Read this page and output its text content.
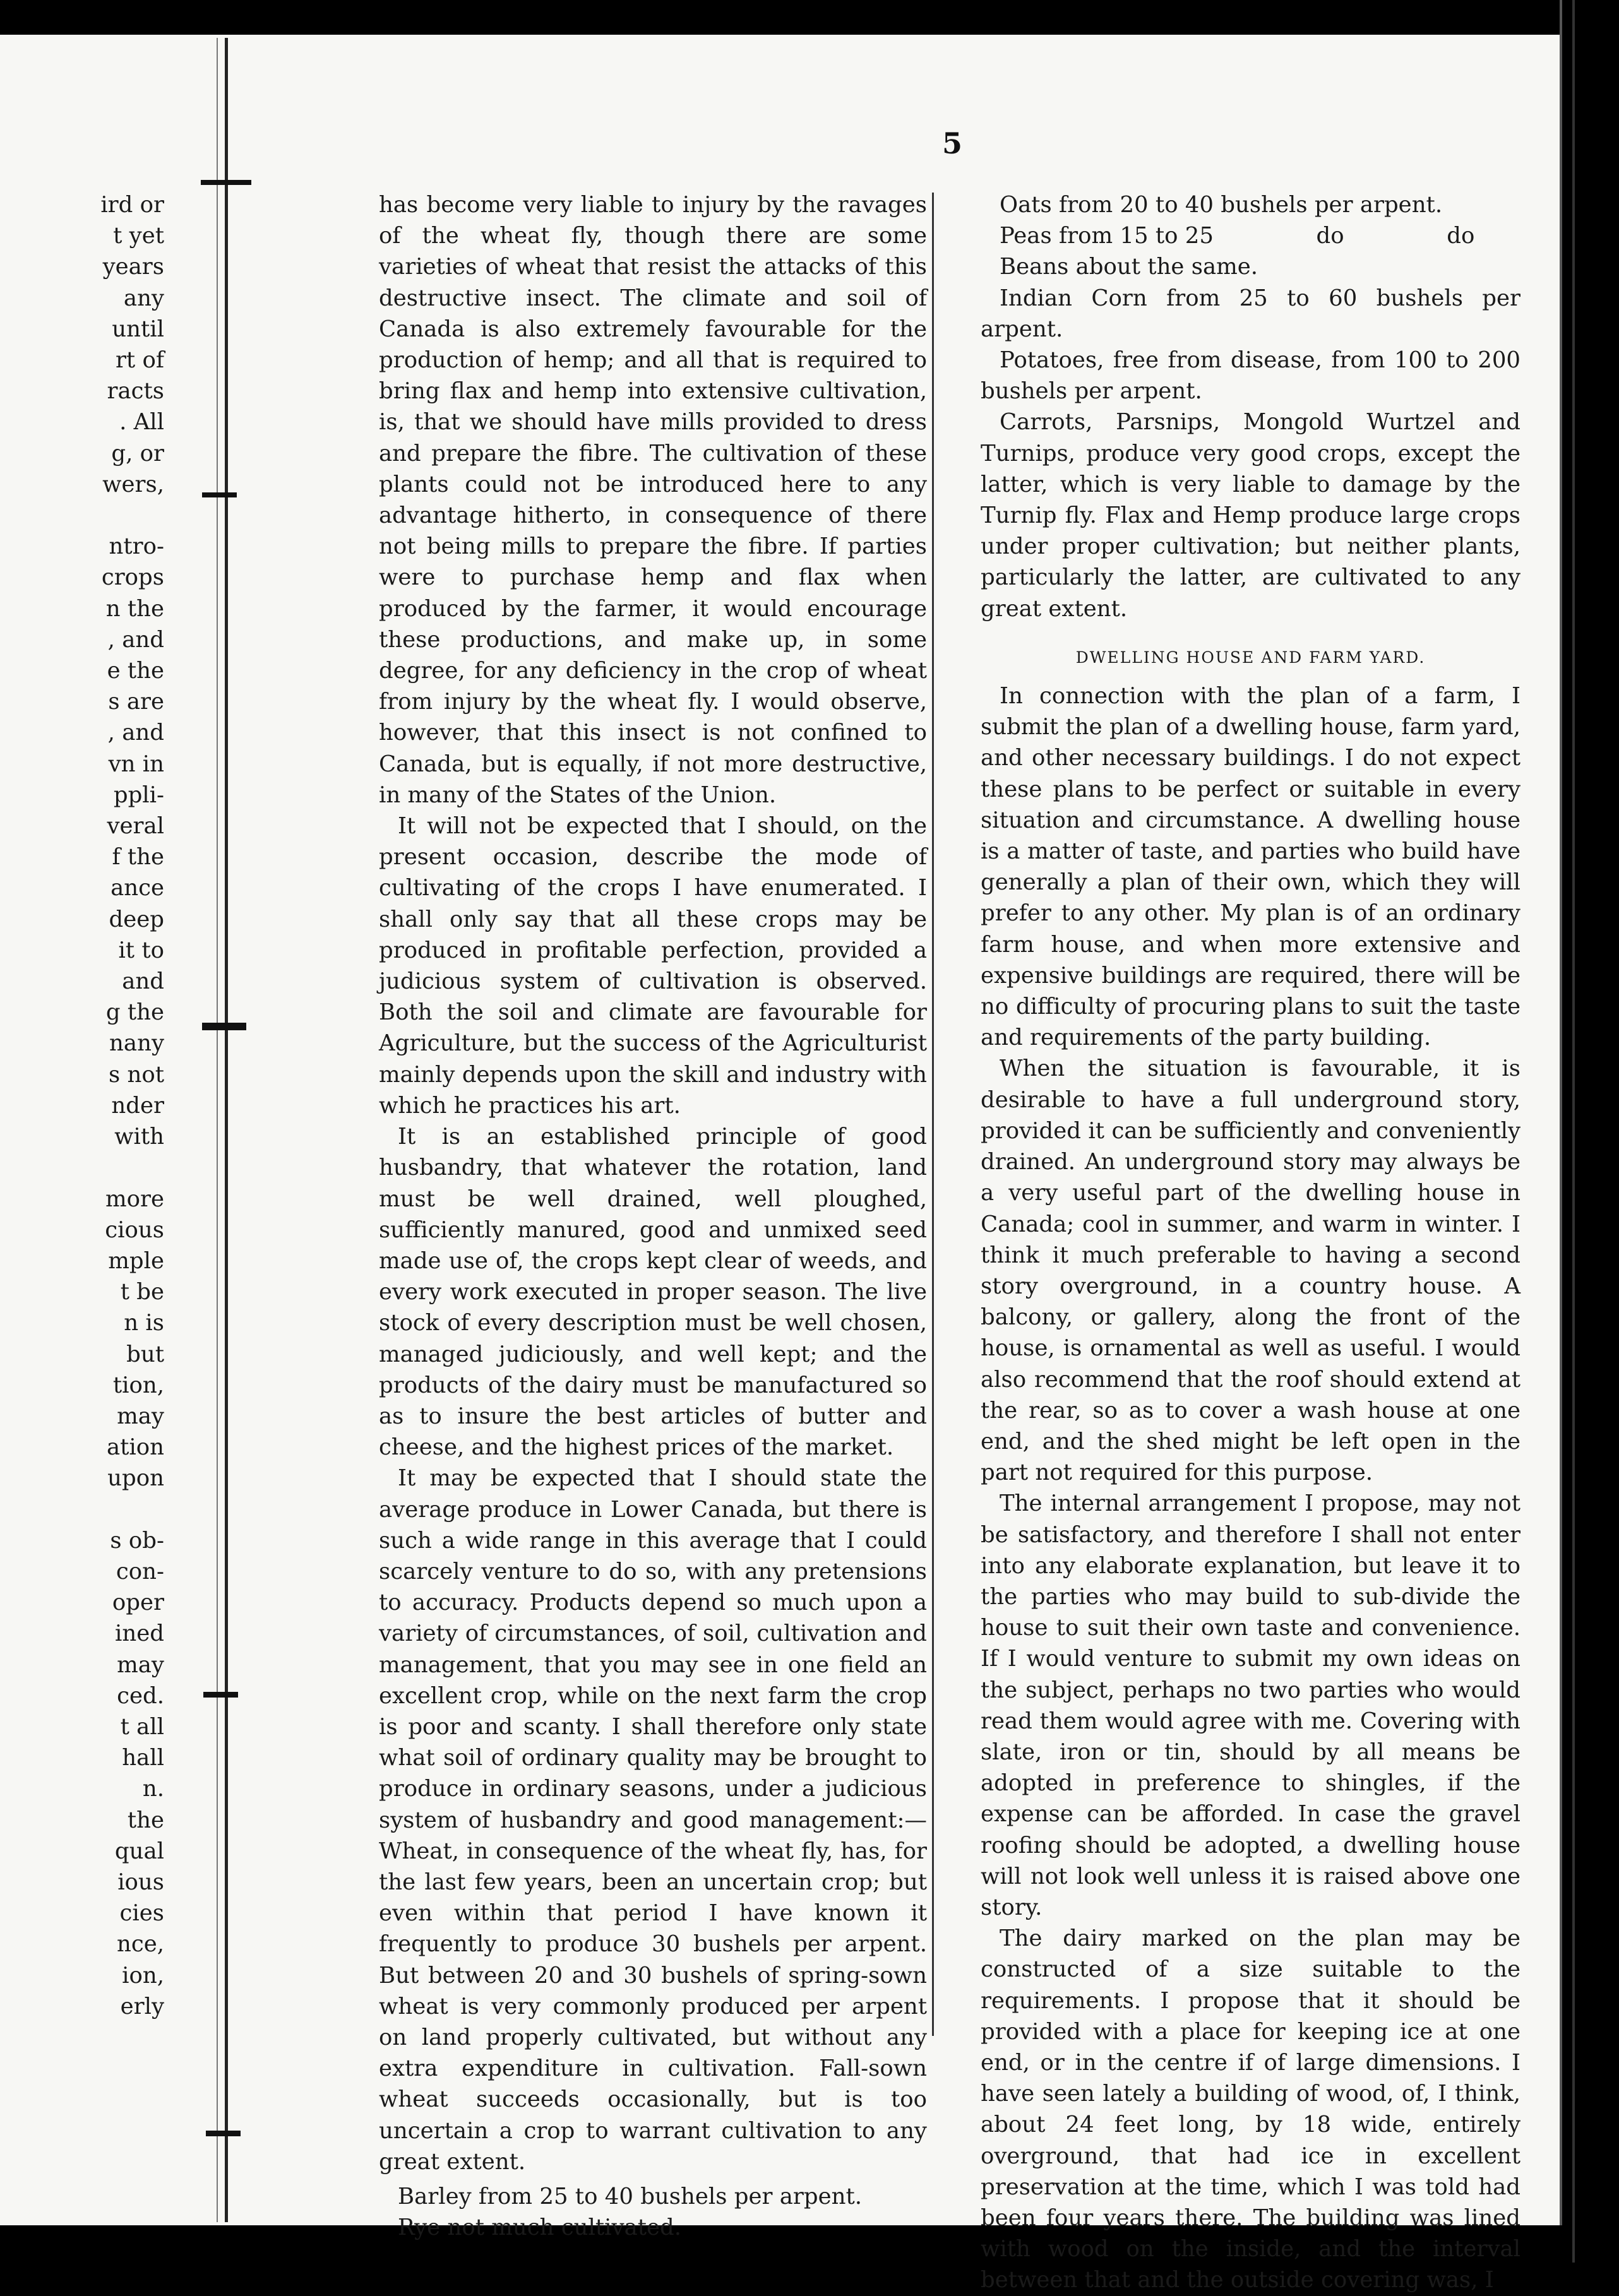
ird or
t yet
years
any
until
rt of
racts
. All
g, or
wers,

ntro-
crops
n the
, and
e the
s are
, and
vn in
ppli-
veral
f the
ance
deep
it to
and
g the
nany
s not
nder
with

more
cious
mple
t be
n is
but
tion,
may
ation
upon

s ob-
con-
oper
ined
may
ced.
t all
hall
n.
the
qual
ious
cies
nce,
ion,
erly
5

has become very liable to injury by the ravages of the wheat fly, though there are some varieties of wheat that resist the attacks of this destructive insect. The climate and soil of Canada is also extremely favourable for the production of hemp; and all that is required to bring flax and hemp into extensive cultivation, is, that we should have mills provided to dress and prepare the fibre. The cultivation of these plants could not be introduced here to any advantage hitherto, in consequence of there not being mills to prepare the fibre. If parties were to purchase hemp and flax when produced by the farmer, it would encourage these productions, and make up, in some degree, for any deficiency in the crop of wheat from injury by the wheat fly. I would observe, however, that this insect is not confined to Canada, but is equally, if not more destructive, in many of the States of the Union.

It will not be expected that I should, on the present occasion, describe the mode of cultivating of the crops I have enumerated. I shall only say that all these crops may be produced in profitable perfection, provided a judicious system of cultivation is observed. Both the soil and climate are favourable for Agriculture, but the success of the Agriculturist mainly depends upon the skill and industry with which he practices his art.

It is an established principle of good husbandry, that whatever the rotation, land must be well drained, well ploughed, sufficiently manured, good and unmixed seed made use of, the crops kept clear of weeds, and every work executed in proper season. The live stock of every description must be well chosen, managed judiciously, and well kept; and the products of the dairy must be manufactured so as to insure the best articles of butter and cheese, and the highest prices of the market.

It may be expected that I should state the average produce in Lower Canada, but there is such a wide range in this average that I could scarcely venture to do so, with any pretensions to accuracy. Products depend so much upon a variety of circumstances, of soil, cultivation and management, that you may see in one field an excellent crop, while on the next farm the crop is poor and scanty. I shall therefore only state what soil of ordinary quality may be brought to produce in ordinary seasons, under a judicious system of husbandry and good management:—Wheat, in consequence of the wheat fly, has, for the last few years, been an uncertain crop; but even within that period I have known it frequently to produce 30 bushels per arpent. But between 20 and 30 bushels of spring-sown wheat is very commonly produced per arpent on land properly cultivated, but without any extra expenditure in cultivation. Fall-sown wheat succeeds occasionally, but is too uncertain a crop to warrant cultivation to any great extent.

Barley from 25 to 40 bushels per arpent.

Rye not much cultivated.

Oats from 20 to 40 bushels per arpent.

Peas from 15 to 25	do	do

Beans about the same.

Indian Corn from 25 to 60 bushels per arpent.

Potatoes, free from disease, from 100 to 200 bushels per arpent.

Carrots, Parsnips, Mongold Wurtzel and Turnips, produce very good crops, except the latter, which is very liable to damage by the Turnip fly. Flax and Hemp produce large crops under proper cultivation; but neither plants, particularly the latter, are cultivated to any great extent.

DWELLING HOUSE AND FARM YARD.

In connection with the plan of a farm, I submit the plan of a dwelling house, farm yard, and other necessary buildings. I do not expect these plans to be perfect or suitable in every situation and circumstance. A dwelling house is a matter of taste, and parties who build have generally a plan of their own, which they will prefer to any other. My plan is of an ordinary farm house, and when more extensive and expensive buildings are required, there will be no difficulty of procuring plans to suit the taste and requirements of the party building.

When the situation is favourable, it is desirable to have a full underground story, provided it can be sufficiently and conveniently drained. An underground story may always be a very useful part of the dwelling house in Canada; cool in summer, and warm in winter. I think it much preferable to having a second story overground, in a country house. A balcony, or gallery, along the front of the house, is ornamental as well as useful. I would also recommend that the roof should extend at the rear, so as to cover a wash house at one end, and the shed might be left open in the part not required for this purpose.

The internal arrangement I propose, may not be satisfactory, and therefore I shall not enter into any elaborate explanation, but leave it to the parties who may build to sub-divide the house to suit their own taste and convenience. If I would venture to submit my own ideas on the subject, perhaps no two parties who would read them would agree with me. Covering with slate, iron or tin, should by all means be adopted in preference to shingles, if the expense can be afforded. In case the gravel roofing should be adopted, a dwelling house will not look well unless it is raised above one story.

The dairy marked on the plan may be constructed of a size suitable to the requirements. I propose that it should be provided with a place for keeping ice at one end, or in the centre if of large dimensions. I have seen lately a building of wood, of, I think, about 24 feet long, by 18 wide, entirely overground, that had ice in excellent preservation at the time, which I was told had been four years there. The building was lined with wood on the inside, and the interval between that and the outside covering was, I
